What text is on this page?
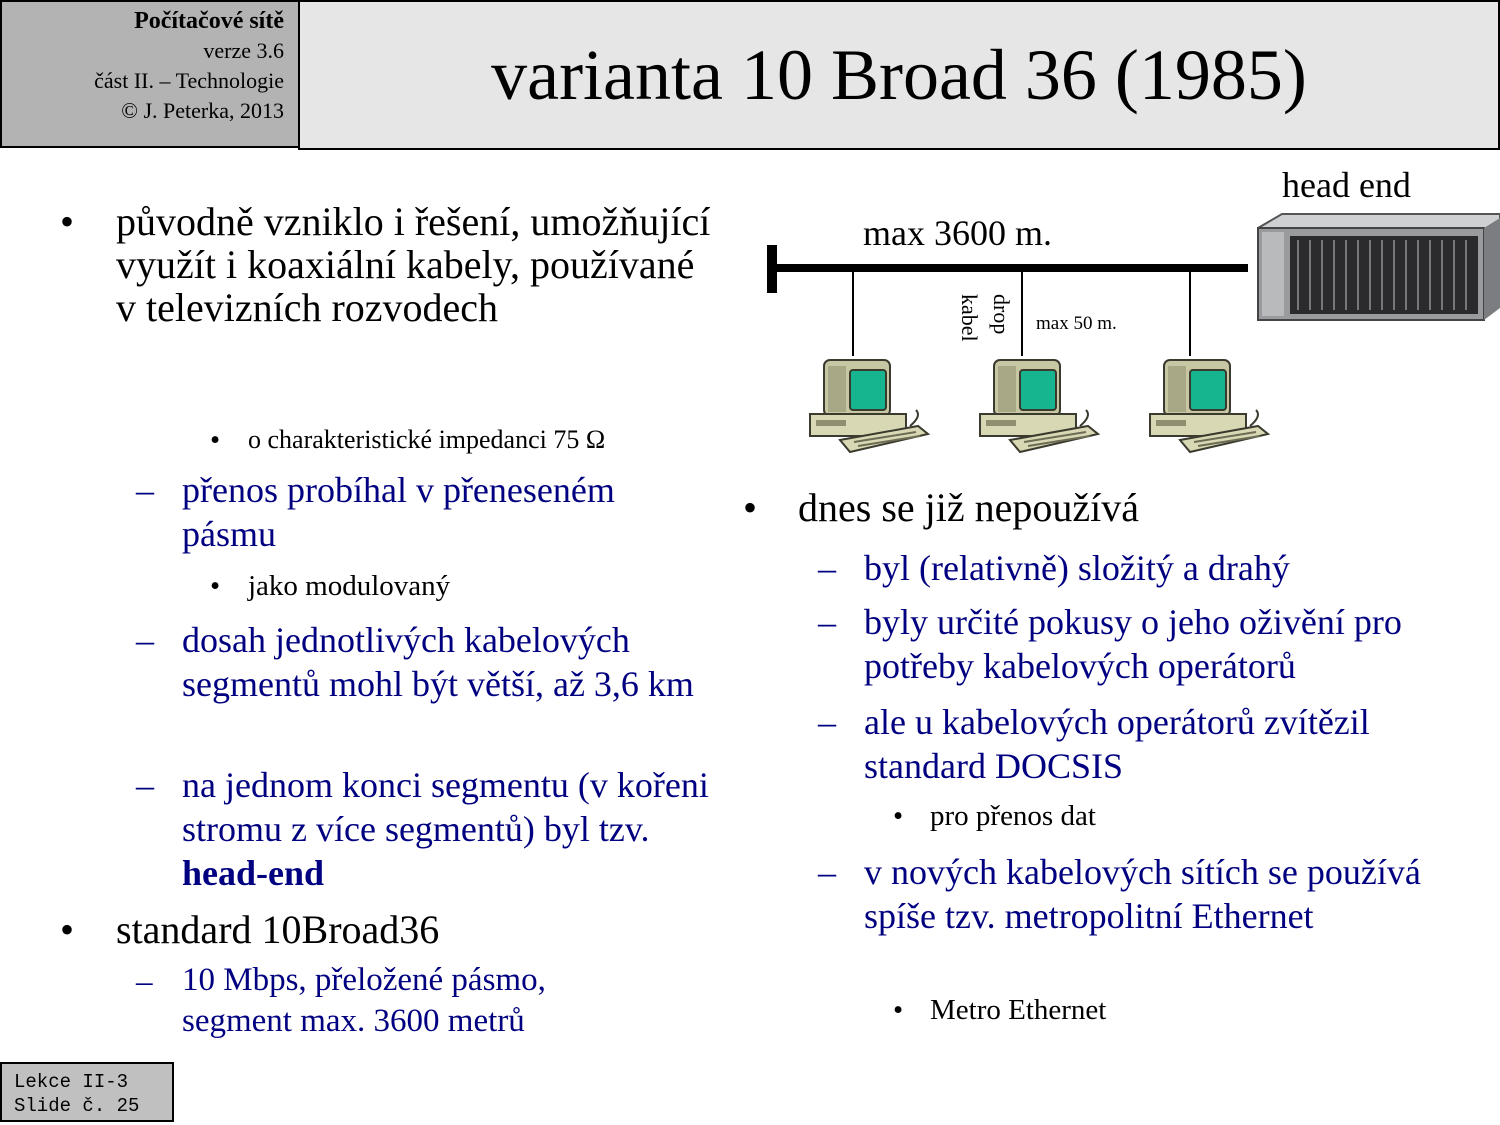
Počítačové sítě
verze 3.6
část II. – Technologie
© J. Peterka, 2013	varianta 10 Broad 36 (1985)
max 3600 m.
head end
max 50 m.
drop
kabel
• původně vzniklo i řešení, umožňující využít i koaxiální kabely, používané v televizních rozvodech
• o charakteristické impedanci 75 Ω
– přenos probíhal v přeneseném pásmu
• jako modulovaný
– dosah jednotlivých kabelových segmentů mohl být větší, až 3,6 km
– na jednom konci segmentu (v kořeni stromu z více segmentů) byl tzv. head-end
• standard 10Broad36
– 10 Mbps, přeložené pásmo, segment max. 3600 metrů
• dnes se již nepoužívá
– byl (relativně) složitý a drahý
– byly určité pokusy o jeho oživění pro potřeby kabelových operátorů
– ale u kabelových operátorů zvítězil standard DOCSIS
• pro přenos dat
– v nových kabelových sítích se používá spíše tzv. metropolitní Ethernet
• Metro Ethernet
Lekce II-3
Slide č. 25
